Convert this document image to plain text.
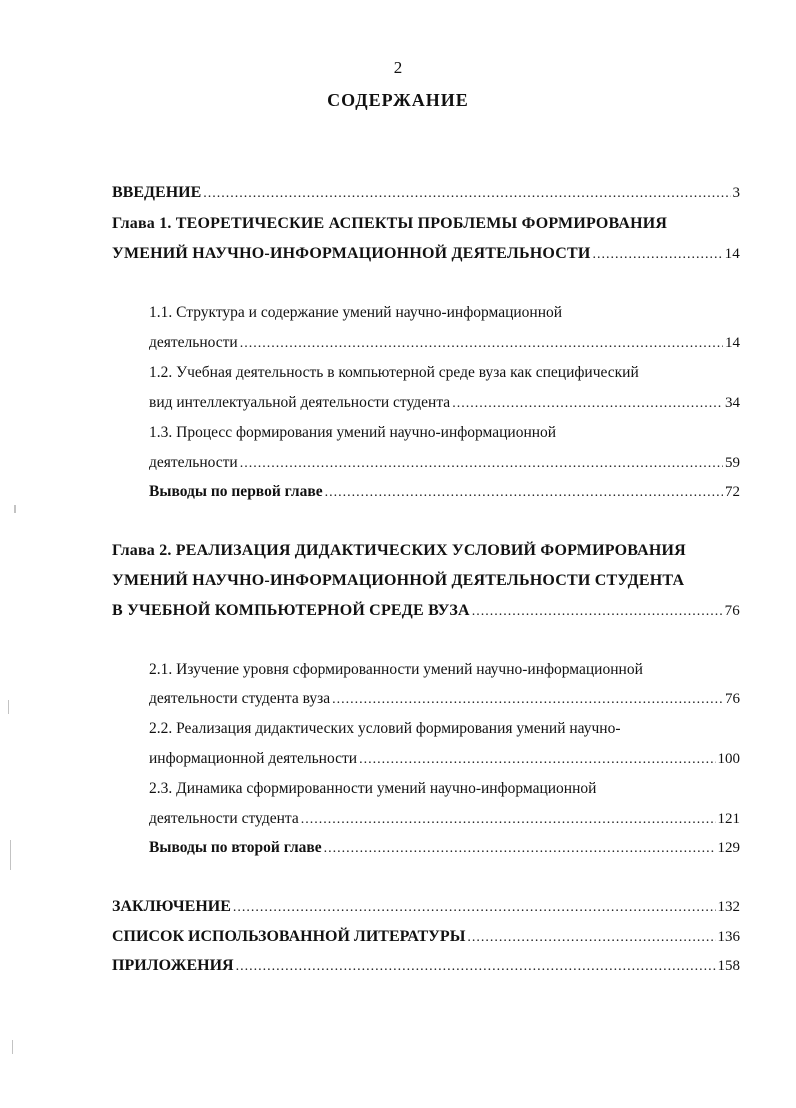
2
СОДЕРЖАНИЕ
ВВЕДЕНИЕ .....	3
Глава 1. ТЕОРЕТИЧЕСКИЕ АСПЕКТЫ ПРОБЛЕМЫ ФОРМИРОВАНИЯ
УМЕНИЙ НАУЧНО-ИНФОРМАЦИОННОЙ ДЕЯТЕЛЬНОСТИ .....	14
1.1. Структура и содержание умений научно-информационной
деятельности .....	14
1.2. Учебная деятельность в компьютерной среде вуза как специфический
вид интеллектуальной деятельности студента .....	34
1.3. Процесс формирования умений научно-информационной
деятельности .....	59
Выводы по первой главе .....	72
Глава 2. РЕАЛИЗАЦИЯ ДИДАКТИЧЕСКИХ УСЛОВИЙ ФОРМИРОВАНИЯ
УМЕНИЙ НАУЧНО-ИНФОРМАЦИОННОЙ ДЕЯТЕЛЬНОСТИ СТУДЕНТА
В УЧЕБНОЙ КОМПЬЮТЕРНОЙ СРЕДЕ ВУЗА .....	76
2.1. Изучение уровня сформированности умений научно-информационной
деятельности студента вуза .....	76
2.2. Реализация дидактических условий формирования умений научно-
информационной деятельности .....	100
2.3. Динамика сформированности умений научно-информационной
деятельности студента .....	121
Выводы по второй главе .....	129
ЗАКЛЮЧЕНИЕ .....	132
СПИСОК ИСПОЛЬЗОВАННОЙ ЛИТЕРАТУРЫ .....	136
ПРИЛОЖЕНИЯ .....	158
